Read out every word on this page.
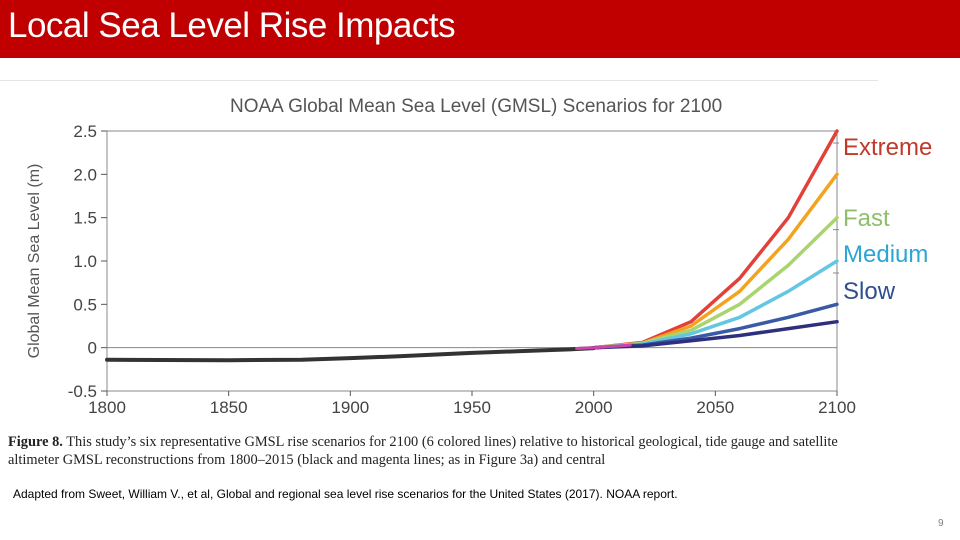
Local Sea Level Rise Impacts
NOAA Global Mean Sea Level (GMSL) Scenarios for 2100
Global Mean Sea Level (m)
2.5
2.0
1.5
1.0
0.5
0
-0.5
1800	1850	1900	1950	2000	2050	2100
Figure 8. This study’s six representative GMSL rise scenarios for 2100 (6 colored lines) relative to historical geological, tide gauge and satellite altimeter GMSL reconstructions from 1800–2015 (black and magenta lines; as in Figure 3a) and central
Extreme
Fast
Medium
Slow
Adapted from Sweet, William V., et al, Global and regional sea level rise scenarios for the United States (2017). NOAA report.
9
